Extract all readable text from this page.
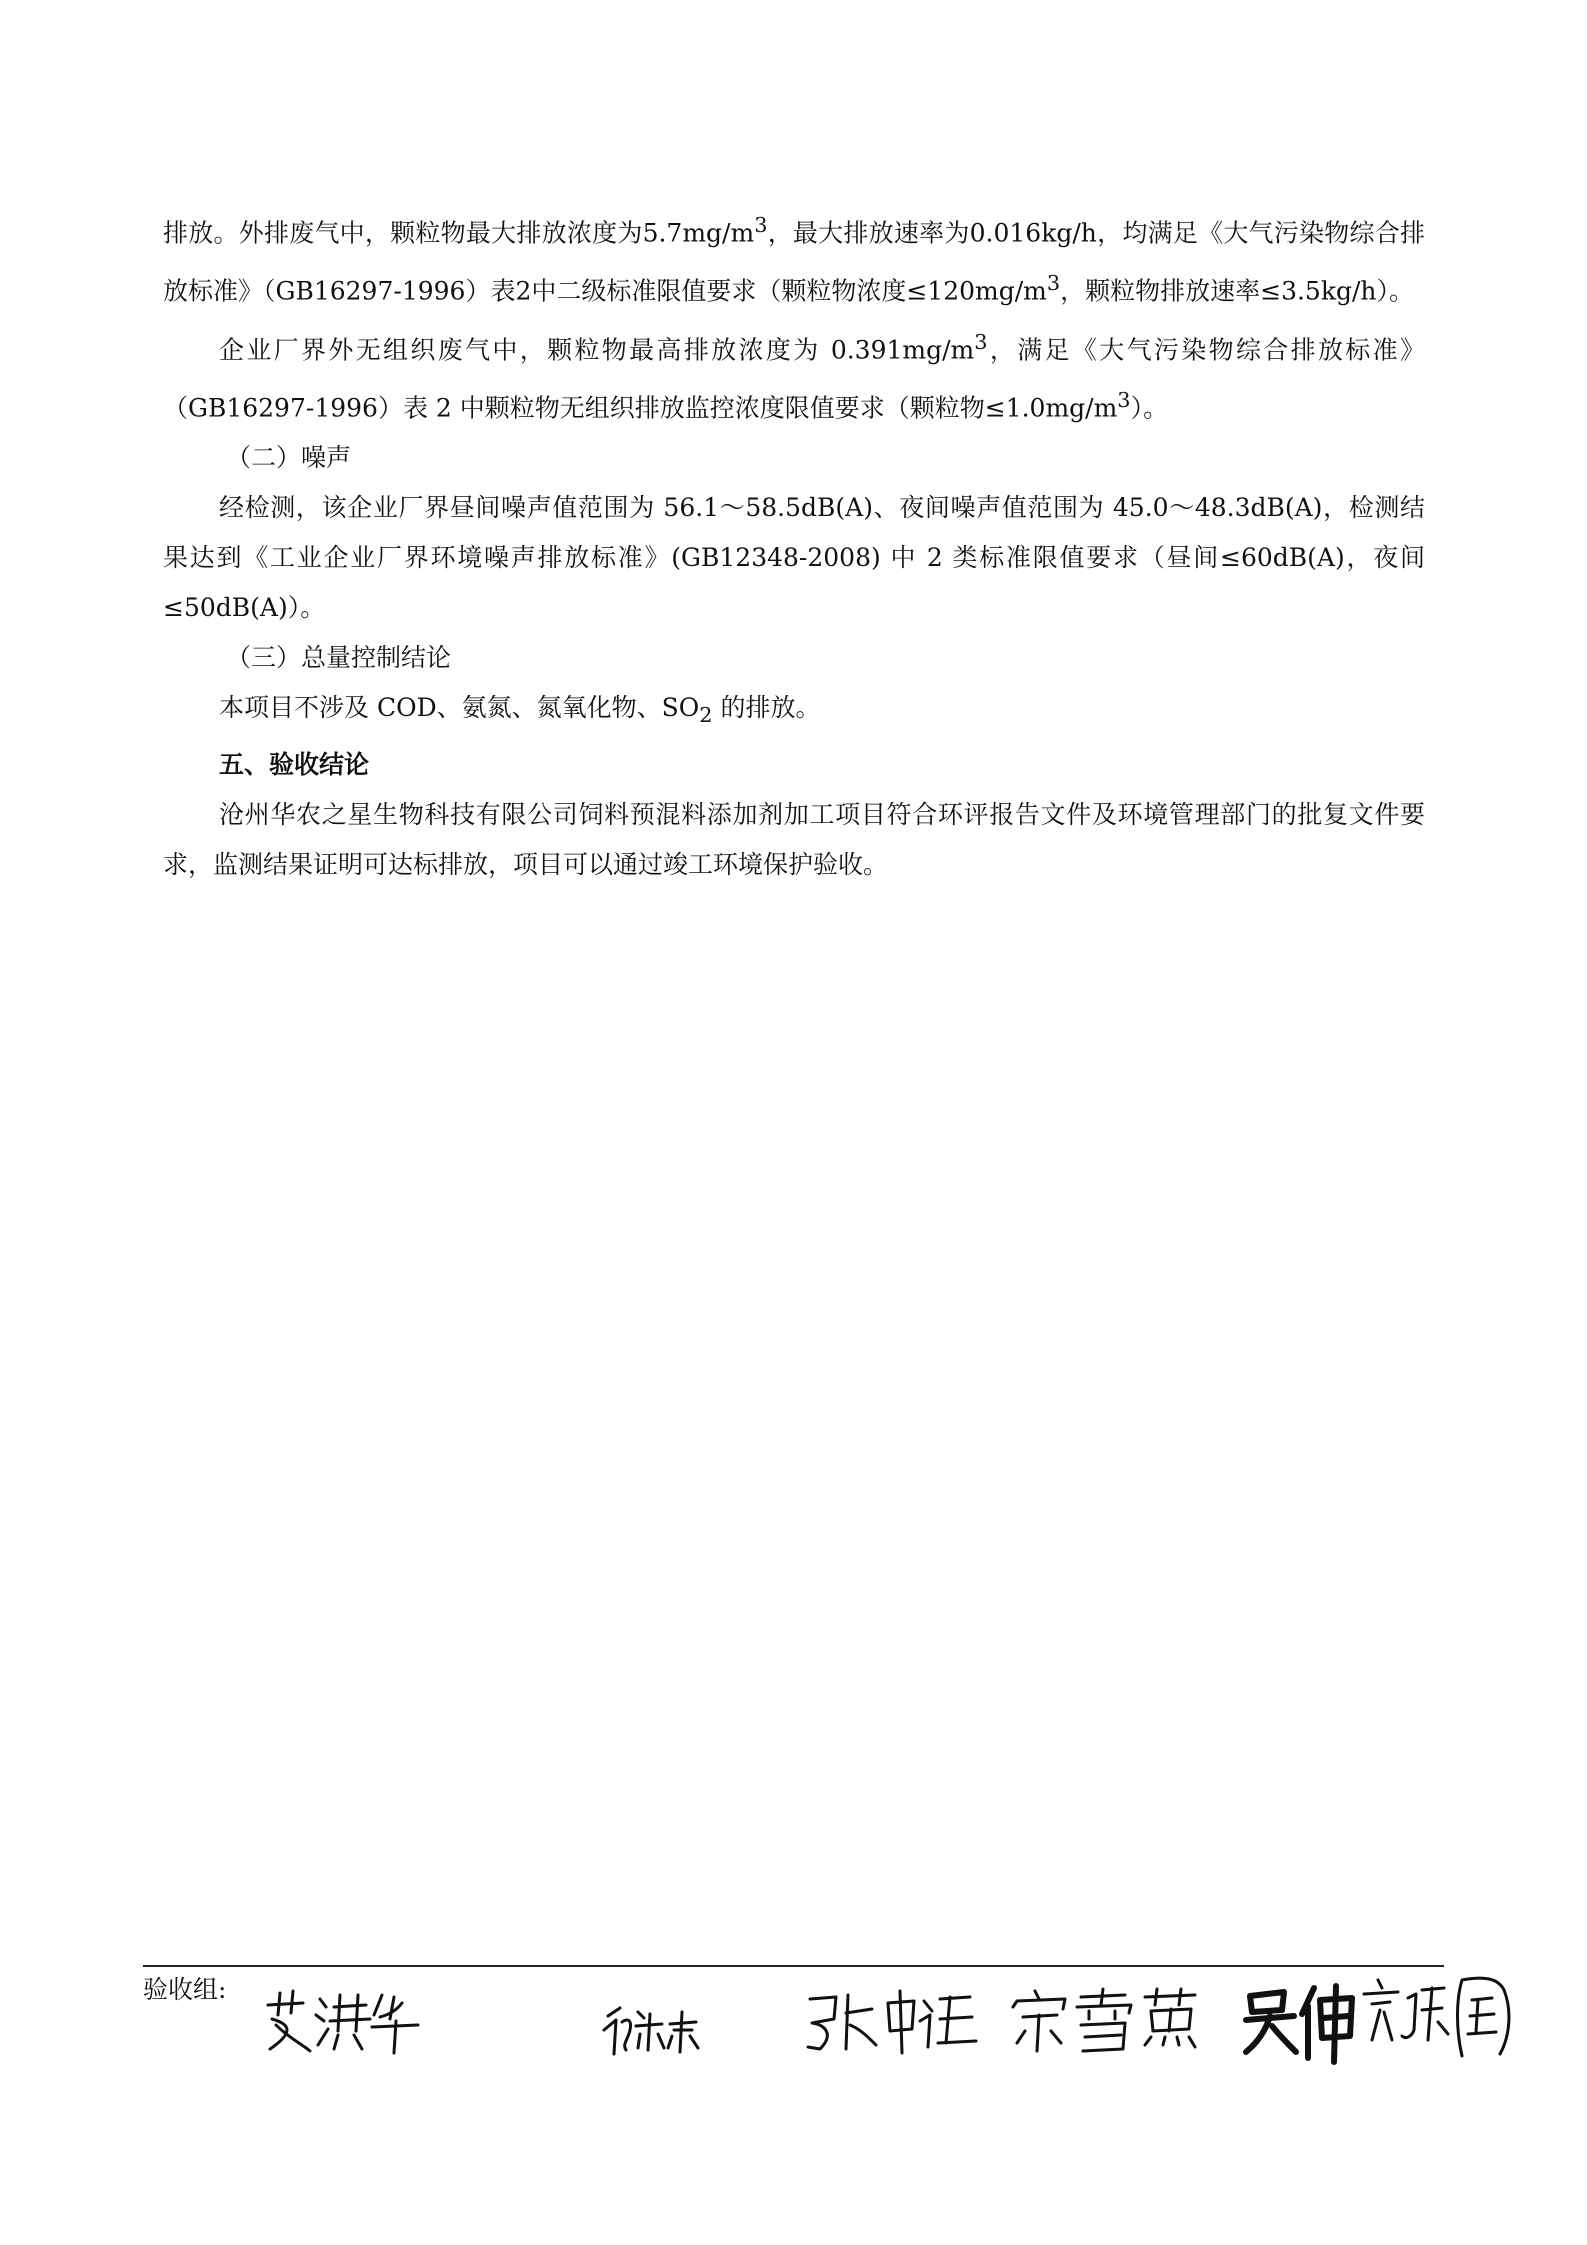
排放。外排废气中，颗粒物最大排放浓度为$5.7mg/m^3$，最大排放速率为0.016kg/h，均满足《大气污染物综合排放标准》（GB16297-1996）表2中二级标准限值要求（颗粒物浓度$\le 120mg/m^3$，颗粒物排放速率≤3.5kg/h）。

企业厂界外无组织废气中，颗粒物最高排放浓度为 $0.391mg/m^3$，满足《大气污染物综合排放标准》（GB16297-1996）表 2 中颗粒物无组织排放监控浓度限值要求（颗粒物$\le 1.0mg/m^3$）。

（二）噪声

经检测，该企业厂界昼间噪声值范围为 56.1～58.5dB(A)、夜间噪声值范围为 45.0～48.3dB(A)，检测结果达到《工业企业厂界环境噪声排放标准》(GB12348-2008) 中 2 类标准限值要求（昼间≤60dB(A)，夜间≤50dB(A)）。

（三）总量控制结论

本项目不涉及 COD、氨氮、氮氧化物、$SO_2$ 的排放。

五、验收结论

沧州华农之星生物科技有限公司饲料预混料添加剂加工项目符合环评报告文件及环境管理部门的批复文件要求，监测结果证明可达标排放，项目可以通过竣工环境保护验收。

验收组:
